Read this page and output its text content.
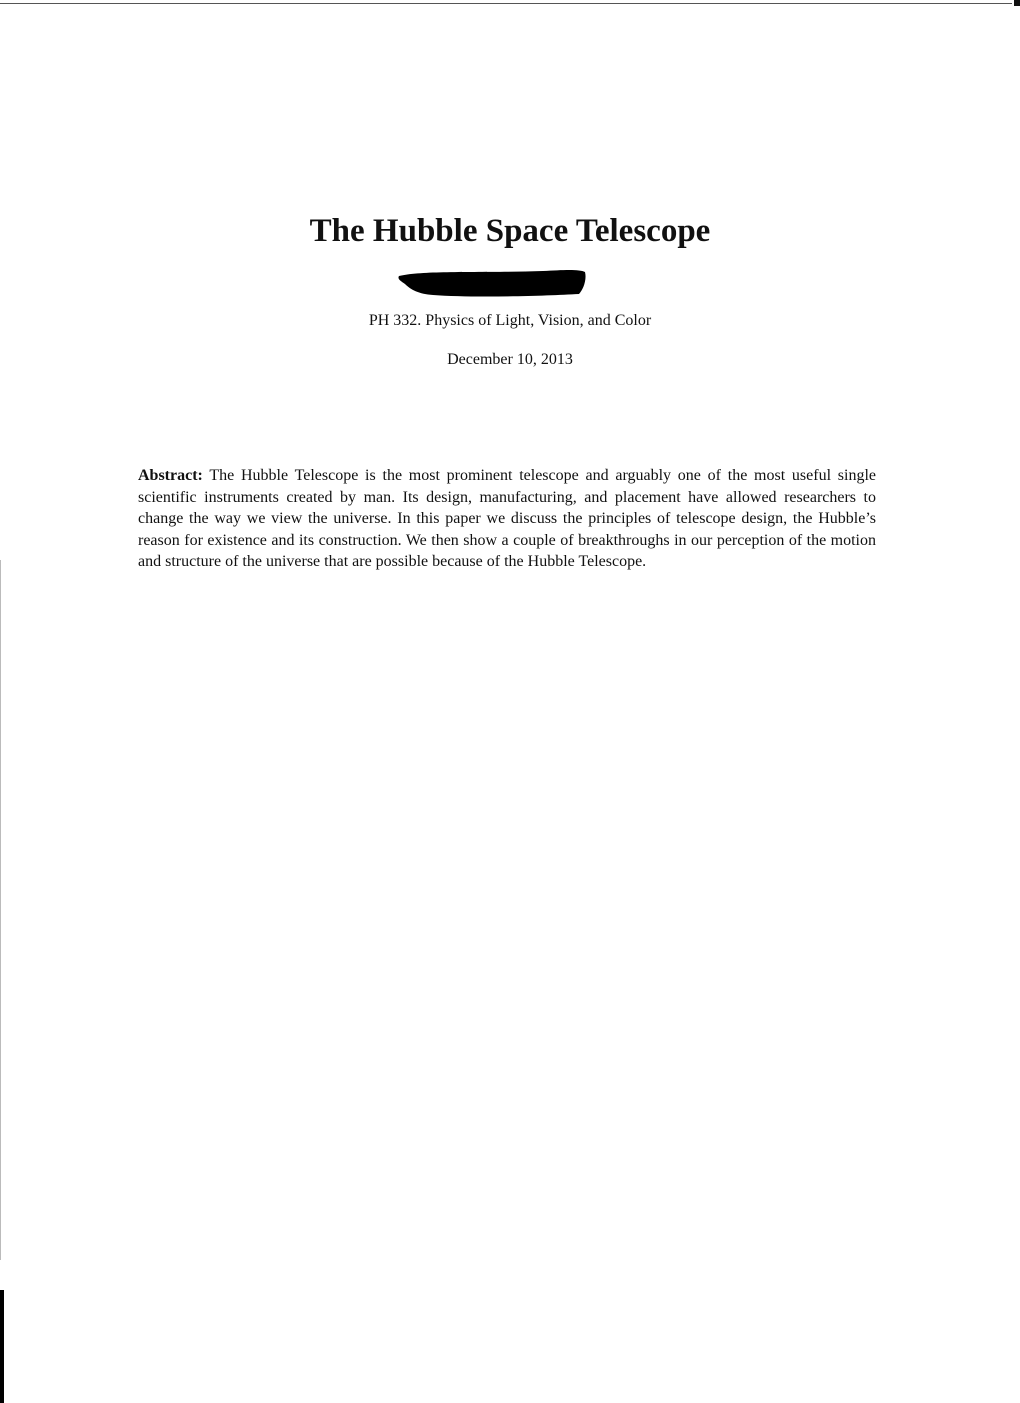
The Hubble Space Telescope
PH 332. Physics of Light, Vision, and Color
December 10, 2013

Abstract: The Hubble Telescope is the most prominent telescope and arguably one of the most useful single scientific instruments created by man. Its design, manufacturing, and placement have allowed researchers to change the way we view the universe. In this paper we discuss the principles of telescope design, the Hubble’s reason for existence and its construction. We then show a couple of breakthroughs in our perception of the motion and structure of the universe that are possible because of the Hubble Telescope.
